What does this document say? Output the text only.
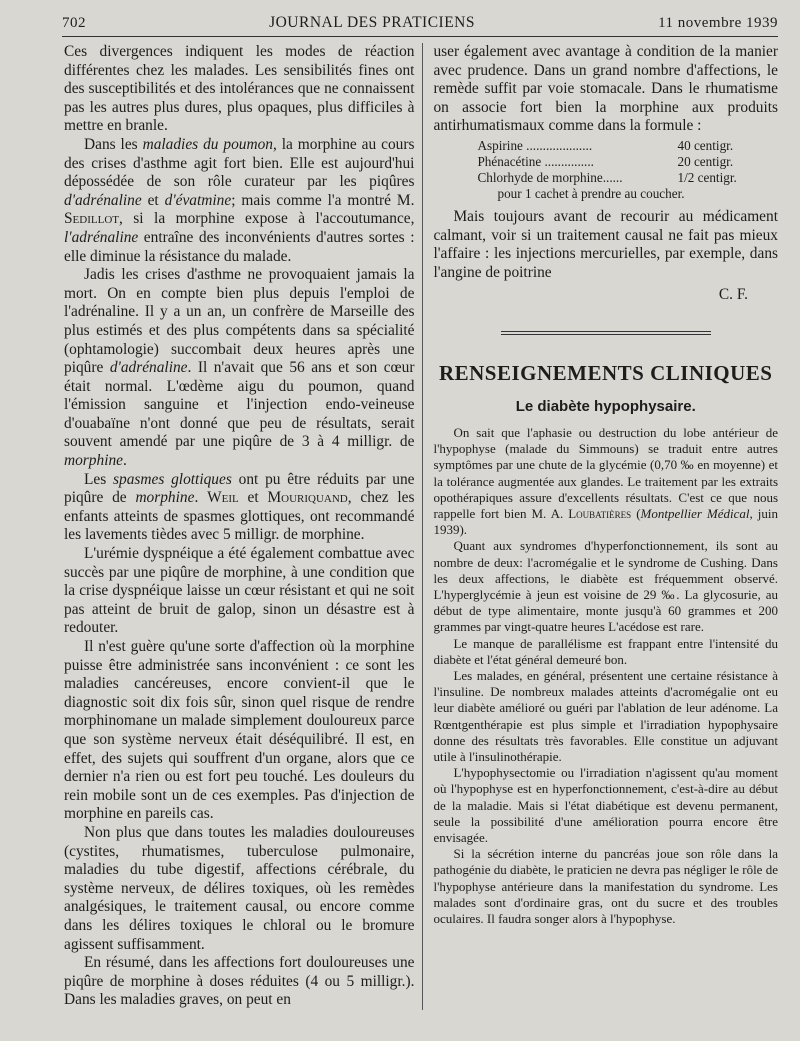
702	JOURNAL DES PRATICIENS	11 novembre 1939

Ces divergences indiquent les modes de réaction différentes chez les malades. Les sensibilités fines ont des susceptibilités et des intolérances que ne connaissent pas les autres plus dures, plus opaques, plus difficiles à mettre en branle.

Dans les maladies du poumon, la morphine au cours des crises d'asthme agit fort bien. Elle est aujourd'hui dépossédée de son rôle curateur par les piqûres d'adrénaline et d'évatmine; mais comme l'a montré M. Sedillot, si la morphine expose à l'accoutumance, l'adrénaline entraîne des inconvénients d'autres sortes : elle diminue la résistance du malade.

Jadis les crises d'asthme ne provoquaient jamais la mort. On en compte bien plus depuis l'emploi de l'adrénaline. Il y a un an, un confrère de Marseille des plus estimés et des plus compétents dans sa spécialité (ophtamologie) succombait deux heures après une piqûre d'adrénaline. Il n'avait que 56 ans et son cœur était normal. L'œdème aigu du poumon, quand l'émission sanguine et l'injection endo-veineuse d'ouabaïne n'ont donné que peu de résultats, serait souvent amendé par une piqûre de 3 à 4 milligr. de morphine.

Les spasmes glottiques ont pu être réduits par une piqûre de morphine. Weil et Mouriquand, chez les enfants atteints de spasmes glottiques, ont recommandé les lavements tièdes avec 5 milligr. de morphine.

L'urémie dyspnéique a été également combattue avec succès par une piqûre de morphine, à une condition que la crise dyspnéique laisse un cœur résistant et qui ne soit pas atteint de bruit de galop, sinon un désastre est à redouter.

Il n'est guère qu'une sorte d'affection où la morphine puisse être administrée sans inconvénient : ce sont les maladies cancéreuses, encore convient-il que le diagnostic soit dix fois sûr, sinon quel risque de rendre morphinomane un malade simplement douloureux parce que son système nerveux était déséquilibré. Il est, en effet, des sujets qui souffrent d'un organe, alors que ce dernier n'a rien ou est fort peu touché. Les douleurs du rein mobile sont un de ces exemples. Pas d'injection de morphine en pareils cas.

Non plus que dans toutes les maladies douloureuses (cystites, rhumatismes, tuberculose pulmonaire, maladies du tube digestif, affections cérébrale, du système nerveux, de délires toxiques, où les remèdes analgésiques, le traitement causal, ou encore comme dans les délires toxiques le chloral ou le bromure agissent suffisamment.

En résumé, dans les affections fort douloureuses une piqûre de morphine à doses réduites (4 ou 5 milligr.). Dans les maladies graves, on peut en

user également avec avantage à condition de la manier avec prudence. Dans un grand nombre d'affections, le remède suffit par voie stomacale. Dans le rhumatisme on associe fort bien la morphine aux produits antirhumatismaux comme dans la formule :

Aspirine ....................	40 centigr.
Phénacétine ...............	20 centigr.
Chlorhyde de morphine......	1/2 centigr.
pour 1 cachet à prendre au coucher.

Mais toujours avant de recourir au médicament calmant, voir si un traitement causal ne fait pas mieux l'affaire : les injections mercurielles, par exemple, dans l'angine de poitrine

C. F.
RENSEIGNEMENTS CLINIQUES
Le diabète hypophysaire.

On sait que l'aphasie ou destruction du lobe antérieur de l'hypophyse (malade du Simmouns) se traduit entre autres symptômes par une chute de la glycémie (0,70 ‰ en moyenne) et la tolérance augmentée aux glandes. Le traitement par les extraits opothérapiques assure d'excellents résultats. C'est ce que nous rappelle fort bien M. A. Loubatières (Montpellier Médical, juin 1939).

Quant aux syndromes d'hyperfonctionnement, ils sont au nombre de deux: l'acromégalie et le syndrome de Cushing. Dans les deux affections, le diabète est fréquemment observé. L'hyperglycémie à jeun est voisine de 29 ‰. La glycosurie, au début de type alimentaire, monte jusqu'à 60 grammes et 200 grammes par vingt-quatre heures L'acédose est rare.

Le manque de parallélisme est frappant entre l'intensité du diabète et l'état général demeuré bon.

Les malades, en général, présentent une certaine résistance à l'insuline. De nombreux malades atteints d'acromégalie ont eu leur diabète amélioré ou guéri par l'ablation de leur adénome. La Rœntgenthérapie est plus simple et l'irradiation hypophysaire donne des résultats très favorables. Elle constitue un adjuvant utile à l'insulinothérapie.

L'hypophysectomie ou l'irradiation n'agissent qu'au moment où l'hypophyse est en hyperfonctionnement, c'est-à-dire au début de la maladie. Mais si l'état diabétique est devenu permanent, seule la possibilité d'une amélioration pourra encore être envisagée.

Si la sécrétion interne du pancréas joue son rôle dans la pathogénie du diabète, le praticien ne devra pas négliger le rôle de l'hypophyse antérieure dans la manifestation du syndrome. Les malades sont d'ordinaire gras, ont du sucre et des troubles oculaires. Il faudra songer alors à l'hypophyse.
